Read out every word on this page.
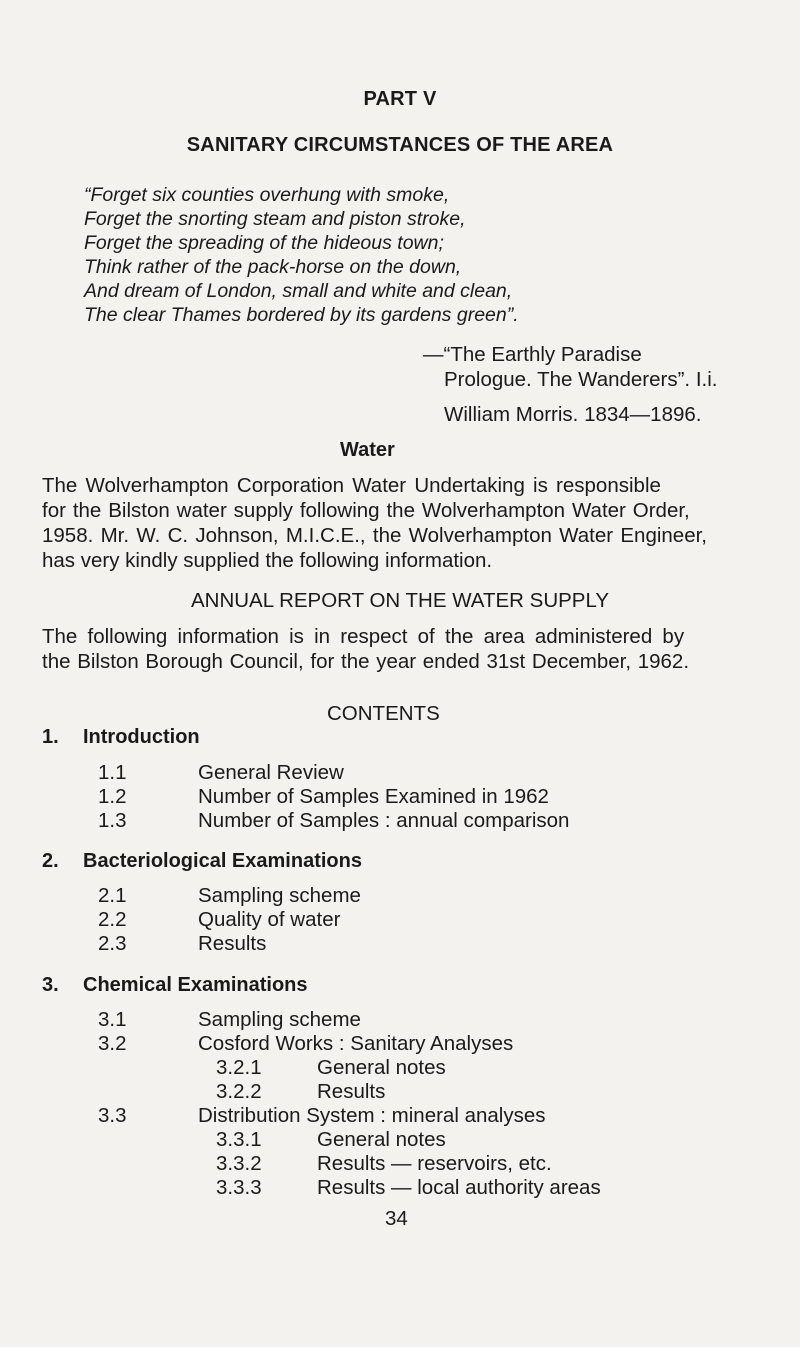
PART V
SANITARY CIRCUMSTANCES OF THE AREA
“Forget six counties overhung with smoke,
Forget the snorting steam and piston stroke,
Forget the spreading of the hideous town;
Think rather of the pack-horse on the down,
And dream of London, small and white and clean,
The clear Thames bordered by its gardens green”.
—“The Earthly Paradise
Prologue. The Wanderers”. I.i.
William Morris. 1834—1896.
Water
The Wolverhampton Corporation Water Undertaking is responsible
for the Bilston water supply following the Wolverhampton Water Order,
1958. Mr. W. C. Johnson, M.I.C.E., the Wolverhampton Water Engineer,
has very kindly supplied the following information.
ANNUAL REPORT ON THE WATER SUPPLY
The following information is in respect of the area administered by
the Bilston Borough Council, for the year ended 31st December, 1962.
CONTENTS
1. Introduction
1.1	General Review
1.2	Number of Samples Examined in 1962
1.3	Number of Samples : annual comparison
2. Bacteriological Examinations
2.1	Sampling scheme
2.2	Quality of water
2.3	Results
3. Chemical Examinations
3.1	Sampling scheme
3.2	Cosford Works : Sanitary Analyses
3.2.1	General notes
3.2.2	Results
3.3	Distribution System : mineral analyses
3.3.1	General notes
3.3.2	Results — reservoirs, etc.
3.3.3	Results — local authority areas
34
